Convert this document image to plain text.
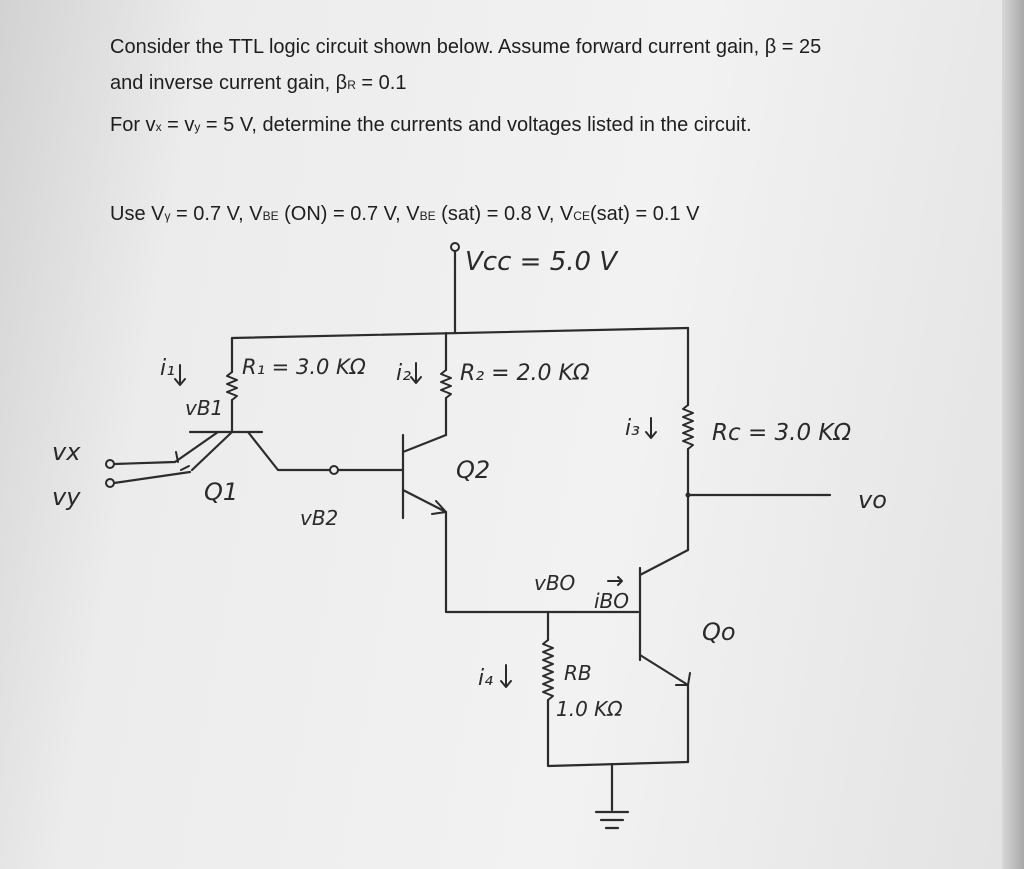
Consider the TTL logic circuit shown below. Assume forward current gain, β = 25
and inverse current gain, βR = 0.1
For vx = vy = 5 V, determine the currents and voltages listed in the circuit.
Use Vγ = 0.7 V, VBE (ON) = 0.7 V, VBE (sat) = 0.8 V, VCE(sat) = 0.1 V
Vcc = 5.0 V
R₁ = 3.0 KΩ	R₂ = 2.0 KΩ
Rc = 3.0 KΩ
RB
1.0 KΩ
i₁	i₂
i₃
i₄
iBO
vB1
vB2
vBO
vx
vy	vo
Q1
Q2
Qo
